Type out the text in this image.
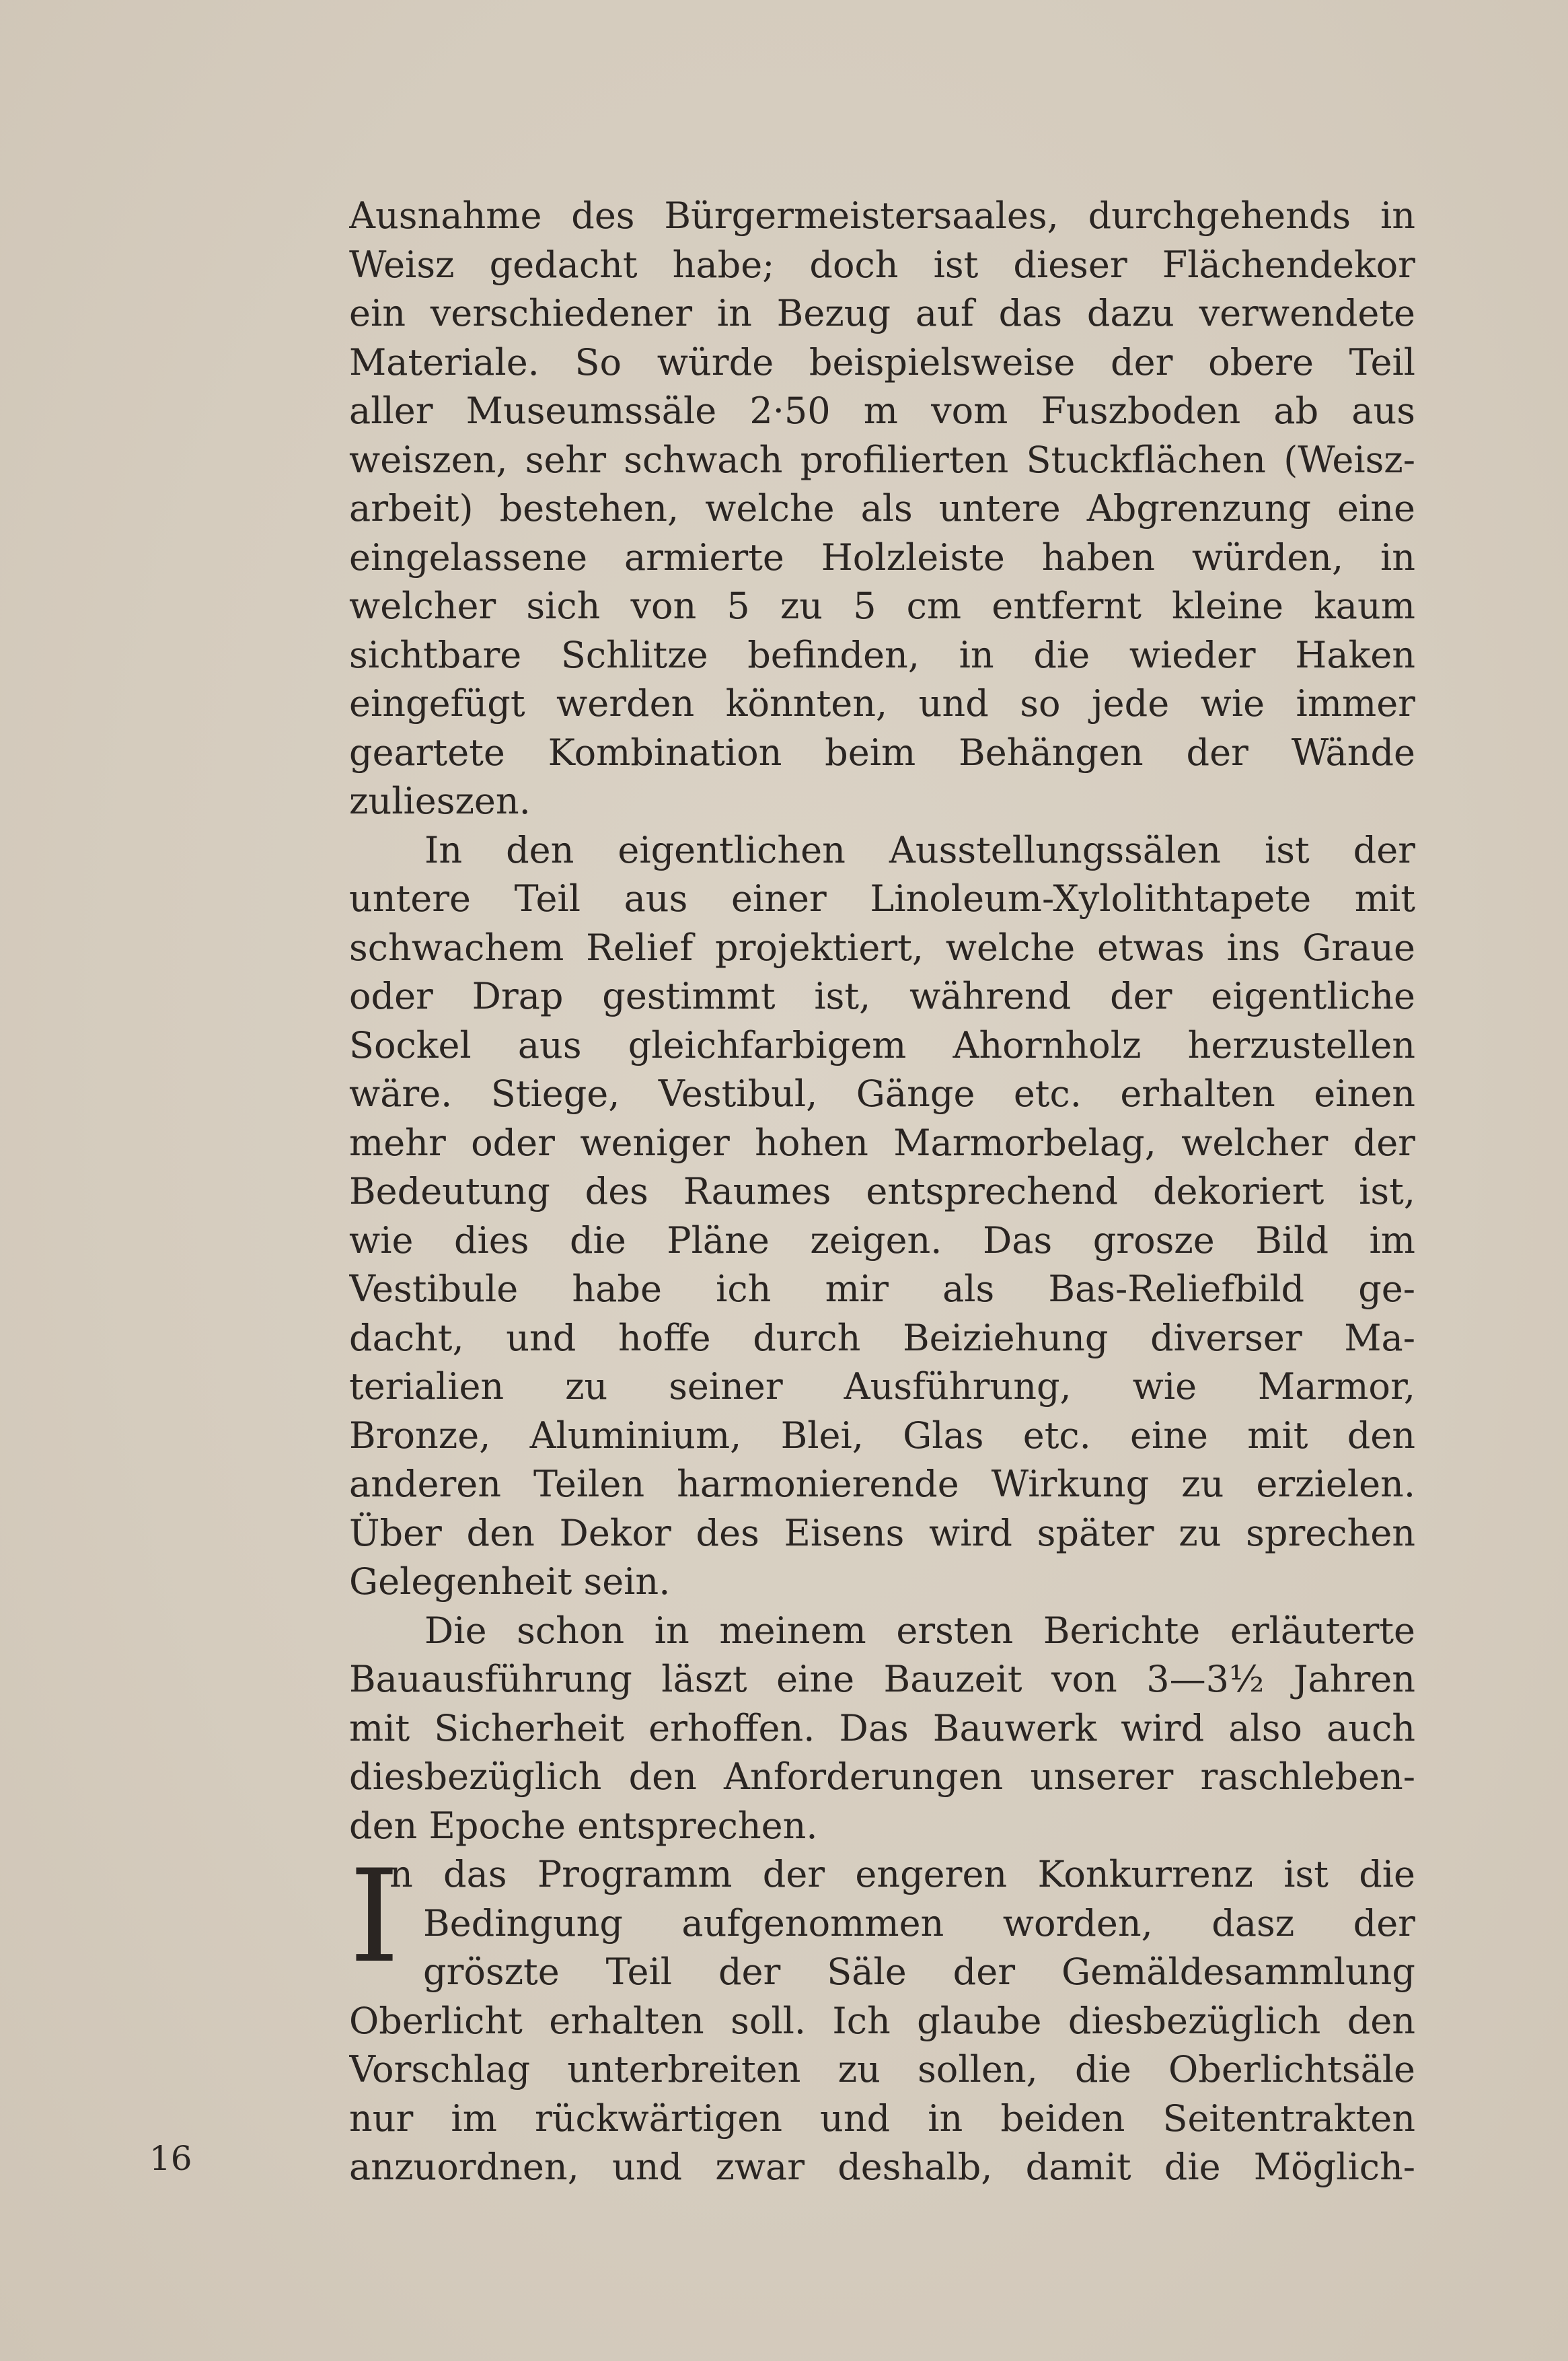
Ausnahme des Bürgermeistersaales, durchgehends in
Weisz gedacht habe; doch ist dieser Flächendekor
ein verschiedener in Bezug auf das dazu verwendete
Materiale. So würde beispielsweise der obere Teil
aller Museumssäle 2·50 m vom Fuszboden ab aus
weiszen, sehr schwach profilierten Stuckflächen (Weisz-
arbeit) bestehen, welche als untere Abgrenzung eine
eingelassene armierte Holzleiste haben würden, in
welcher sich von 5 zu 5 cm entfernt kleine kaum
sichtbare Schlitze befinden, in die wieder Haken
eingefügt werden könnten, und so jede wie immer
geartete Kombination beim Behängen der Wände
zulieszen.
In den eigentlichen Ausstellungssälen ist der
untere Teil aus einer Linoleum-Xylolithtapete mit
schwachem Relief projektiert, welche etwas ins Graue
oder Drap gestimmt ist, während der eigentliche
Sockel aus gleichfarbigem Ahornholz herzustellen
wäre. Stiege, Vestibul, Gänge etc. erhalten einen
mehr oder weniger hohen Marmorbelag, welcher der
Bedeutung des Raumes entsprechend dekoriert ist,
wie dies die Pläne zeigen. Das grosze Bild im
Vestibule habe ich mir als Bas-Reliefbild ge-
dacht, und hoffe durch Beiziehung diverser Ma-
terialien zu seiner Ausführung, wie Marmor,
Bronze, Aluminium, Blei, Glas etc. eine mit den
anderen Teilen harmonierende Wirkung zu erzielen.
Über den Dekor des Eisens wird später zu sprechen
Gelegenheit sein.
Die schon in meinem ersten Berichte erläuterte
Bauausführung läszt eine Bauzeit von 3—3½ Jahren
mit Sicherheit erhoffen. Das Bauwerk wird also auch
diesbezüglich den Anforderungen unserer raschleben-
den Epoche entsprechen.
n das Programm der engeren Konkurrenz ist die
Bedingung aufgenommen worden, dasz der
gröszte Teil der Säle der Gemäldesammlung
Oberlicht erhalten soll. Ich glaube diesbezüglich den
Vorschlag unterbreiten zu sollen, die Oberlichtsäle
nur im rückwärtigen und in beiden Seitentrakten
anzuordnen, und zwar deshalb, damit die Möglich-
I
16
